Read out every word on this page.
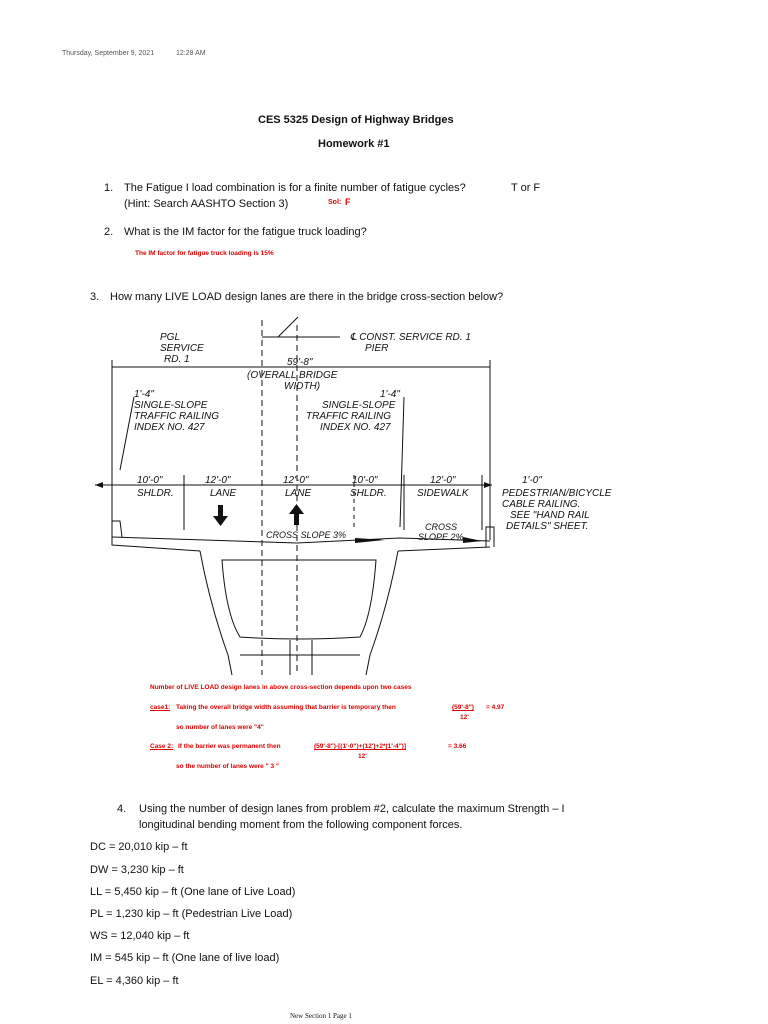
Thursday, September 9, 2021	12:28 AM
CES 5325 Design of Highway Bridges
Homework #1
1. The Fatigue I load combination is for a finite number of fatigue cycles?	T or F
(Hint: Search AASHTO Section 3)	Sol: F
2. What is the IM factor for the fatigue truck loading?
The IM factor for fatigue truck loading is 15%
3. How many LIVE LOAD design lanes are there in the bridge cross-section below?
PGL
SERVICE
RD. 1
℄ CONST. SERVICE RD. 1
PIER
59'-8"
(OVERALL BRIDGE
WIDTH)
1'-4"
SINGLE-SLOPE
TRAFFIC RAILING
INDEX NO. 427
1'-4"
SINGLE-SLOPE
TRAFFIC RAILING
INDEX NO. 427
10'-0"	12'-0"	12'-0"	10'-0"	12'-0"	1'-0"
SHLDR.	LANE	LANE	SHLDR.	SIDEWALK	PEDESTRIAN/BICYCLE
CABLE RAILING.
SEE "HAND RAIL
DETAILS" SHEET.
CROSS SLOPE 3%
CROSS
SLOPE 2%
Number of LIVE LOAD design lanes in above cross-section depends upon two cases
case1: Taking the overall bridge width assuming that barrier is temporary then	(59'-8") = 4.97
12'
so number of lanes were "4"
Case 2: If the barrier was permanent then	(59'-8")-[(1'-0")+(12')+2*(1'-4")]	= 3.66
12'
so the number of lanes were " 3 "
4. Using the number of design lanes from problem #2, calculate the maximum Strength – I
longitudinal bending moment from the following component forces.
DC = 20,010 kip – ft
DW = 3,230 kip – ft
LL = 5,450 kip – ft (One lane of Live Load)
PL = 1,230 kip – ft (Pedestrian Live Load)
WS = 12,040 kip – ft
IM = 545 kip – ft (One lane of live load)
EL = 4,360 kip – ft
New Section 1 Page 1
